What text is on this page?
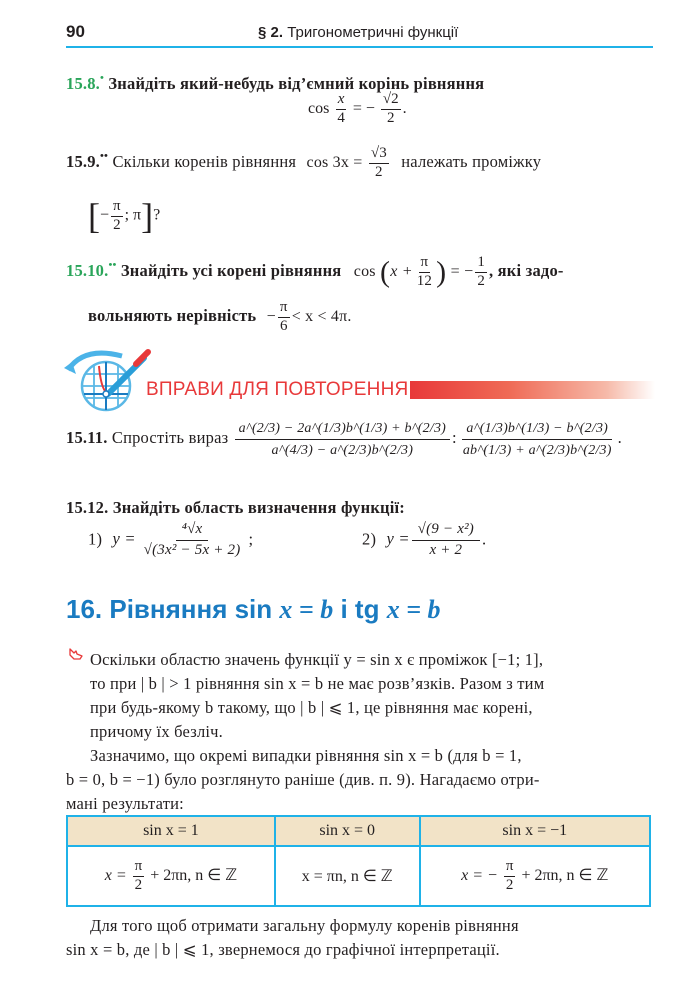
90	§ 2. Тригонометричні функції
15.8.• Знайдіть який-небудь від’ємний корінь рівняння
$\cos \frac{x}{4}$ = − $\frac{√2}{2}$ .
15.9.•• Скільки коренів рівняння $\cos 3x = \frac{√3}{2}$ належать проміжку
[− $\frac{\pi}{2}$ ; π]?
15.10.•• Знайдіть усі корені рівняння $\cos (x + \frac{\pi}{12}$ ) = − $\frac{1}{2}$ , які задо-
вольняють нерівність − $\frac{\pi}{6} < x < 4\pi$.
ВПРАВИ ДЛЯ ПОВТОРЕННЯ
15.11. Спростіть вираз $\frac{a\^{}(2/3) - 2a\^{}(1/3)b\^{}(1/3) + b\^{}(2/3)}{a\^{}(4/3) - a\^{}(2/3)b\^{}(2/3)}$ : $\frac{a\^{}(1/3)b\^{}(1/3) - b\^{}(2/3)}{ab\^{}(1/3) + a\^{}(2/3)b\^{}(2/3)}$ .
15.12. Знайдіть область визначення функції:
1) $y = \frac{\text{⁴√x}}{\text{√(3x² − 5x + 2)}}$ ;	2) $y = \frac{\text{√(9 − x²)}}{x + 2}$ .
16. Рівняння sin x = b і tg x = b
Оскільки областю значень функції y = sin x є проміжок [−1; 1],
то при | b | > 1 рівняння sin x = b не має розв’язків. Разом з тим
при будь-якому b такому, що | b | ⩽ 1, це рівняння має корені,
причому їх безліч.
Зазначимо, що окремі випадки рівняння sin x = b (для b = 1,
b = 0, b = −1) було розглянуто раніше (див. п. 9). Нагадаємо отри-
мані результати:
sin x = 1	sin x = 0	sin x = −1
$x = \frac{\pi}{2} + 2\pi n$, n ∈ ℤ	x = πn, n ∈ ℤ	x = − $\frac{\pi}{2} + 2\pi n$, n ∈ ℤ
Для того щоб отримати загальну формулу коренів рівняння
sin x = b, де | b | ⩽ 1, звернемося до графічної інтерпретації.
